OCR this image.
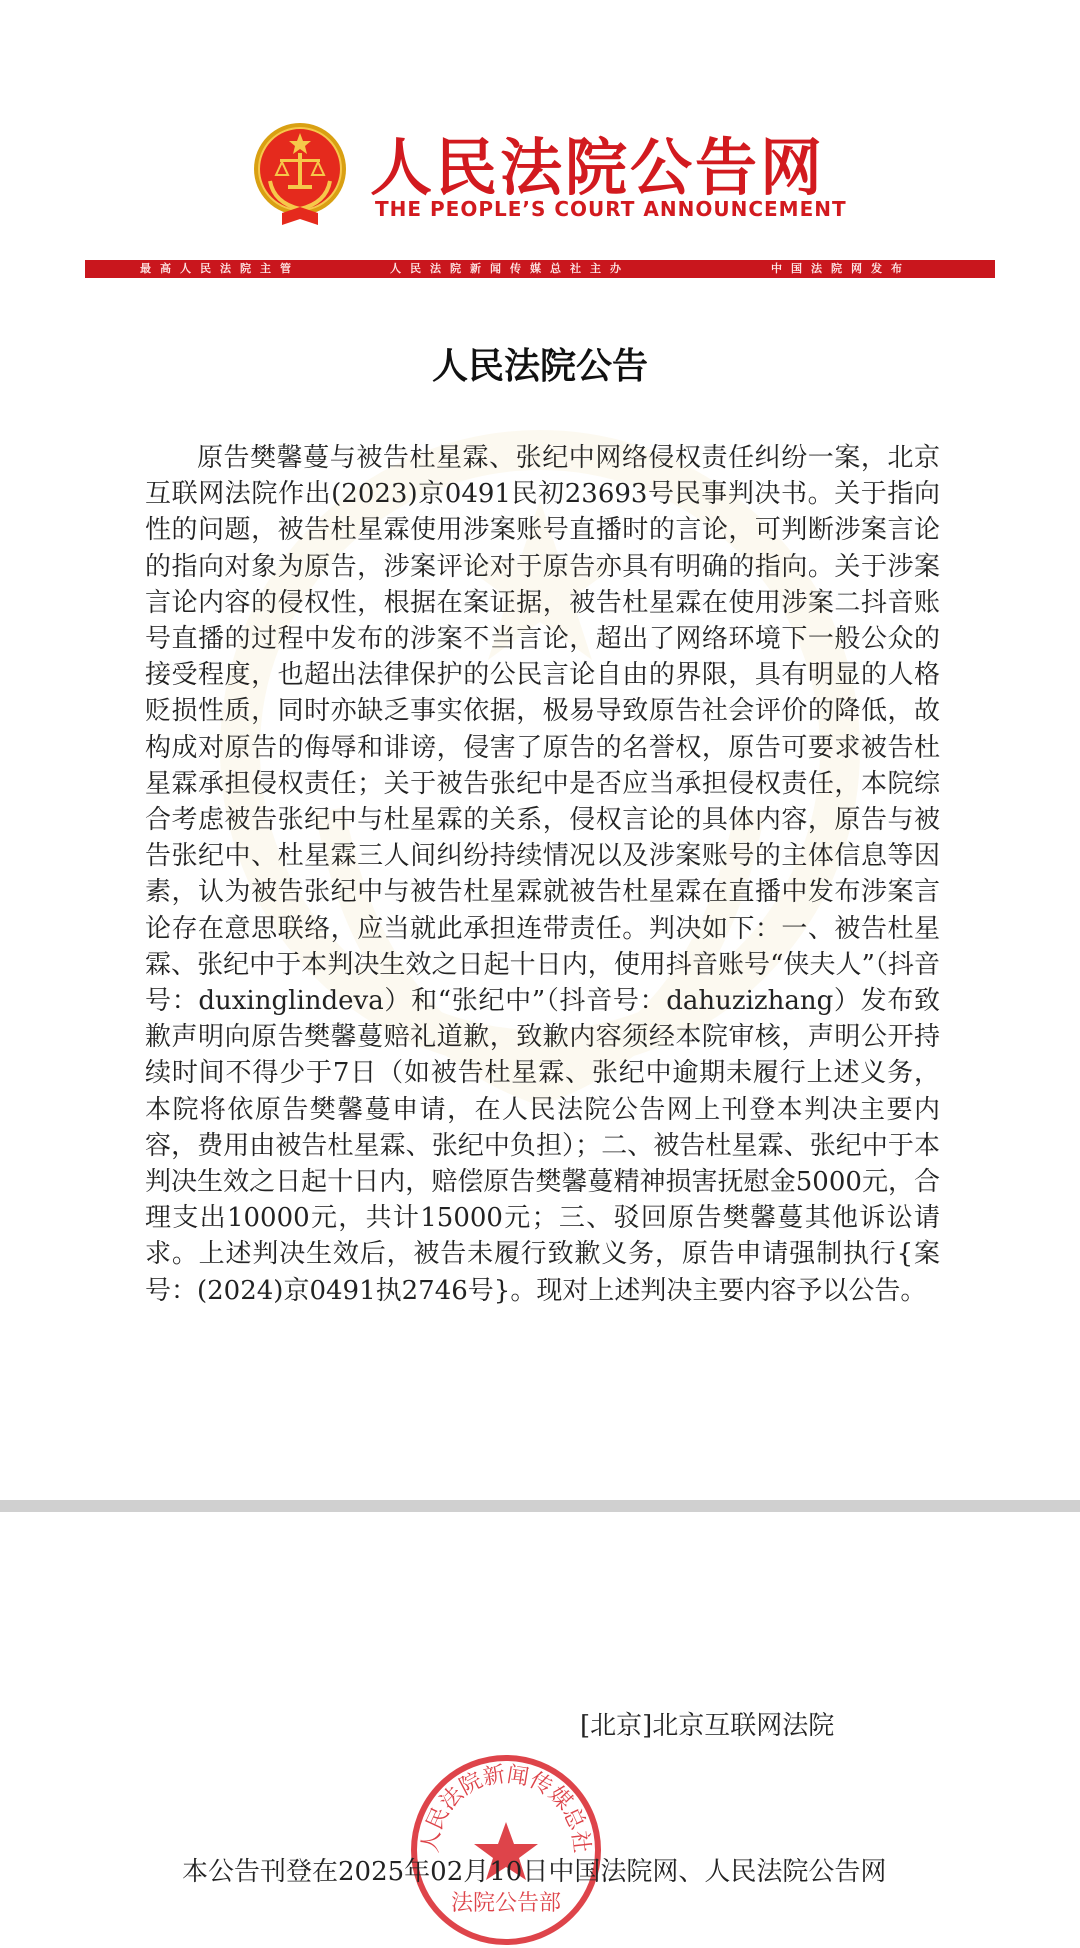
人民法院公告网
THE PEOPLE’S COURT ANNOUNCEMENT
最高人民法院主管	人民法院新闻传媒总社主办	中国法院网发布
人民法院公告
原告樊馨蔓与被告杜星霖、张纪中网络侵权责任纠纷一案，北京互联网法院作出(2023)京0491民初23693号民事判决书。关于指向性的问题，被告杜星霖使用涉案账号直播时的言论，可判断涉案言论的指向对象为原告，涉案评论对于原告亦具有明确的指向。关于涉案言论内容的侵权性，根据在案证据，被告杜星霖在使用涉案二抖音账号直播的过程中发布的涉案不当言论，超出了网络环境下一般公众的接受程度，也超出法律保护的公民言论自由的界限，具有明显的人格贬损性质，同时亦缺乏事实依据，极易导致原告社会评价的降低，故构成对原告的侮辱和诽谤，侵害了原告的名誉权，原告可要求被告杜星霖承担侵权责任；关于被告张纪中是否应当承担侵权责任，本院综合考虑被告张纪中与杜星霖的关系，侵权言论的具体内容，原告与被告张纪中、杜星霖三人间纠纷持续情况以及涉案账号的主体信息等因素，认为被告张纪中与被告杜星霖就被告杜星霖在直播中发布涉案言论存在意思联络，应当就此承担连带责任。判决如下：一、被告杜星霖、张纪中于本判决生效之日起十日内，使用抖音账号“侠夫人”（抖音号：duxinglindeva）和“张纪中”（抖音号：dahuzizhang）发布致歉声明向原告樊馨蔓赔礼道歉，致歉内容须经本院审核，声明公开持续时间不得少于7日（如被告杜星霖、张纪中逾期未履行上述义务，本院将依原告樊馨蔓申请，在人民法院公告网上刊登本判决主要内容，费用由被告杜星霖、张纪中负担）；二、被告杜星霖、张纪中于本判决生效之日起十日内，赔偿原告樊馨蔓精神损害抚慰金5000元，合理支出10000元，共计15000元；三、驳回原告樊馨蔓其他诉讼请求。上述判决生效后，被告未履行致歉义务，原告申请强制执行{案号：(2024)京0491执2746号}。现对上述判决主要内容予以公告。
[北京]北京互联网法院
人民法院新闻传媒总社
法院公告部
本公告刊登在2025年02月10日中国法院网、人民法院公告网
